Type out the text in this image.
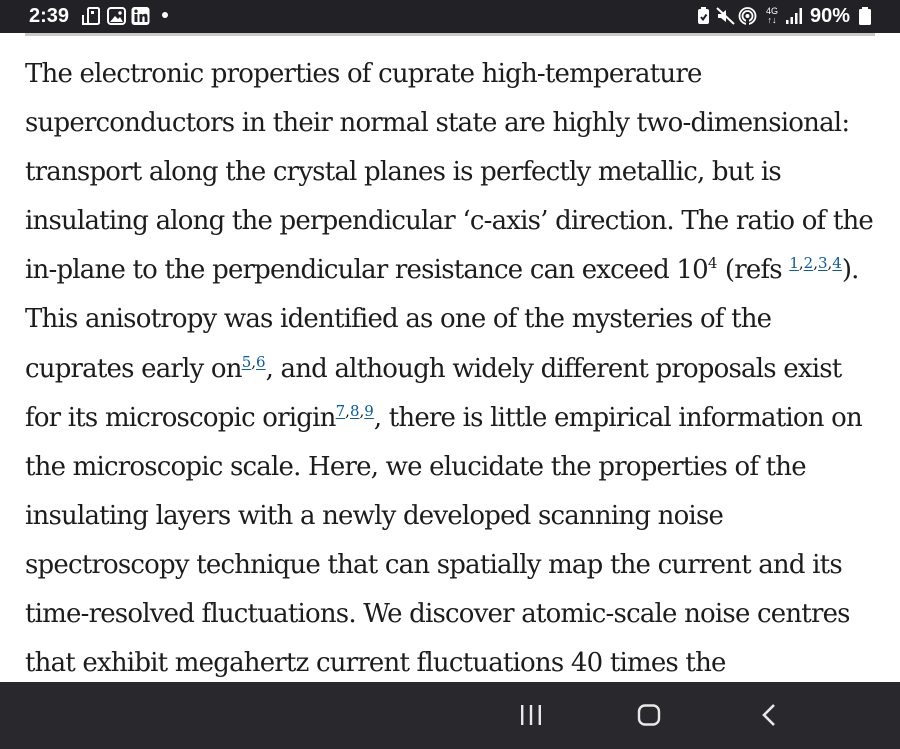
2:39	4G
↑↓ 90%

The electronic properties of cuprate high-temperature
superconductors in their normal state are highly two-dimensional:
transport along the crystal planes is perfectly metallic, but is
insulating along the perpendicular ‘c-axis’ direction. The ratio of the
in-plane to the perpendicular resistance can exceed $10^4$ (refs $^{1,2,3,4}$).
This anisotropy was identified as one of the mysteries of the
cuprates early on$^{5,6}$, and although widely different proposals exist
for its microscopic origin$^{7,8,9}$, there is little empirical information on
the microscopic scale. Here, we elucidate the properties of the
insulating layers with a newly developed scanning noise
spectroscopy technique that can spatially map the current and its
time-resolved fluctuations. We discover atomic-scale noise centres
that exhibit megahertz current fluctuations 40 times the
